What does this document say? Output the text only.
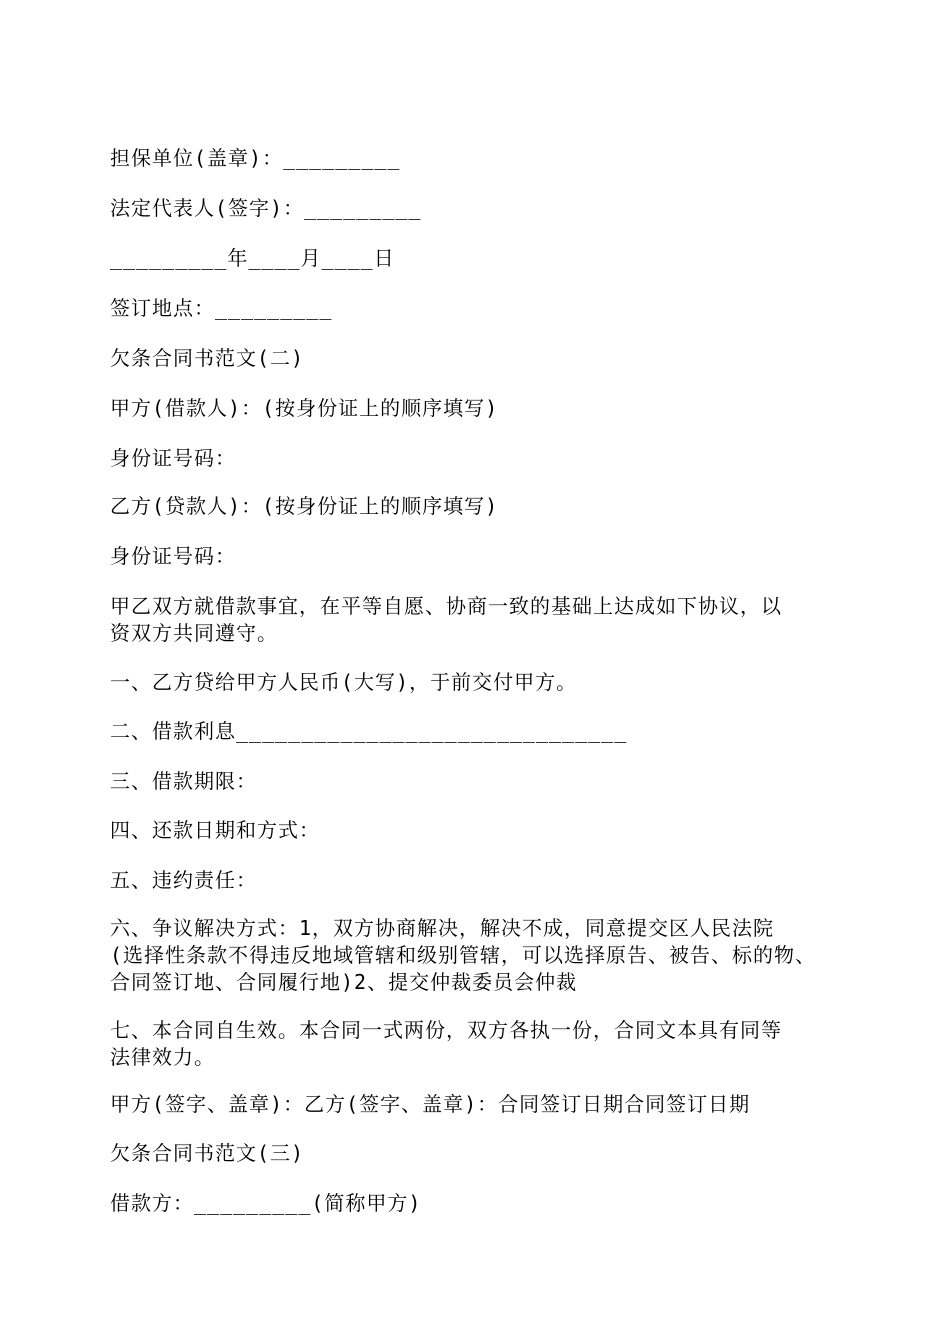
担保单位(盖章)：_________
法定代表人(签字)：_________
_________年____月____日
签订地点：_________
欠条合同书范文(二)
甲方(借款人)：(按身份证上的顺序填写)
身份证号码：
乙方(贷款人)：(按身份证上的顺序填写)
身份证号码：
甲乙双方就借款事宜，在平等自愿、协商一致的基础上达成如下协议，以
资双方共同遵守。
一、乙方贷给甲方人民币(大写)，于前交付甲方。
二、借款利息______________________________
三、借款期限：
四、还款日期和方式：
五、违约责任：
六、争议解决方式：1，双方协商解决，解决不成，同意提交区人民法院
(选择性条款不得违反地域管辖和级别管辖，可以选择原告、被告、标的物、
合同签订地、合同履行地)2、提交仲裁委员会仲裁
七、本合同自生效。本合同一式两份，双方各执一份，合同文本具有同等
法律效力。
甲方(签字、盖章)：乙方(签字、盖章)：合同签订日期合同签订日期
欠条合同书范文(三)
借款方：_________(简称甲方)
